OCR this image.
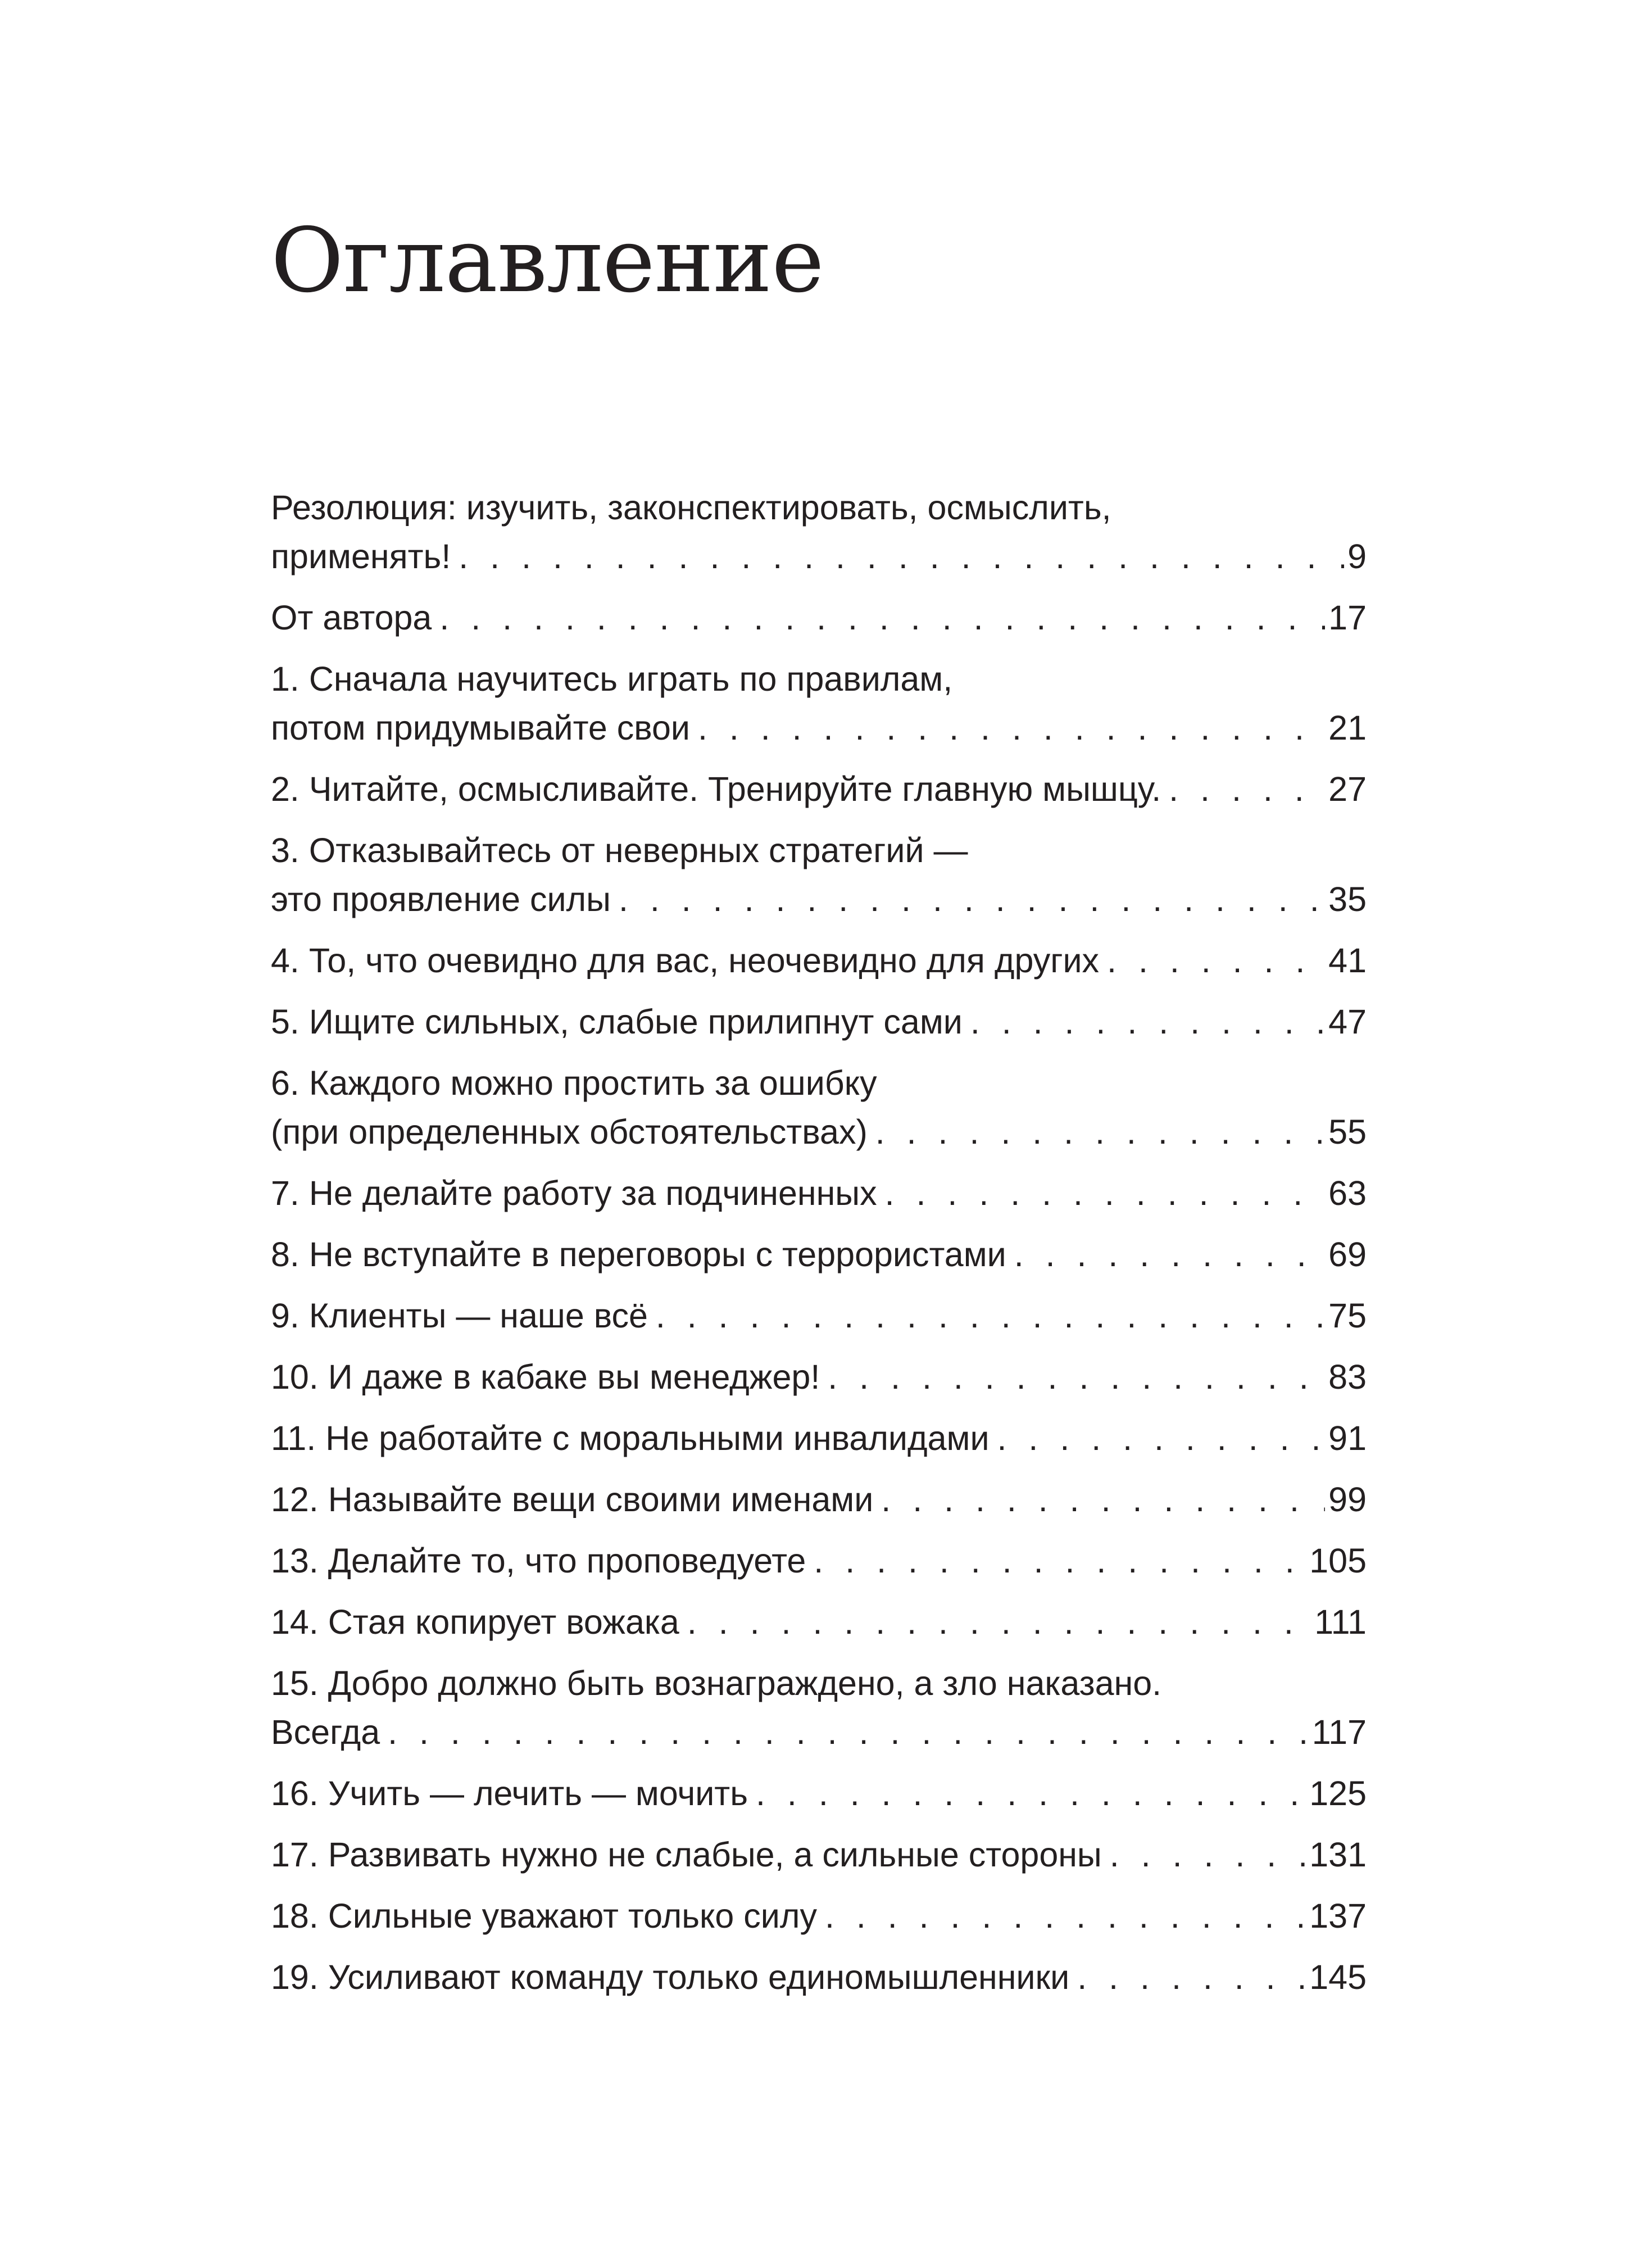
Оглавление
Резолюция: изучить, законспектировать, осмыслить,
применять! . . .	9
От автора . . .	17
1. Сначала научитесь играть по правилам,
потом придумывайте свои . . .	21
2. Читайте, осмысливайте. Тренируйте главную мышцу. . . .	27
3. Отказывайтесь от неверных стратегий —
это проявление силы . . .	35
4. То, что очевидно для вас, неочевидно для других . . .	41
5. Ищите сильных, слабые прилипнут сами . . .	47
6. Каждого можно простить за ошибку
(при определенных обстоятельствах) . . .	55
7. Не делайте работу за подчиненных . . .	63
8. Не вступайте в переговоры с террористами . . .	69
9. Клиенты — наше всё . . .	75
10. И даже в кабаке вы менеджер! . . .	83
11. Не работайте с моральными инвалидами . . .	91
12. Называйте вещи своими именами . . .	99
13. Делайте то, что проповедуете . . .	105
14. Стая копирует вожака . . .	111
15. Добро должно быть вознаграждено, а зло наказано.
Всегда . . .	117
16. Учить — лечить — мочить . . .	125
17. Развивать нужно не слабые, а сильные стороны . . .	131
18. Сильные уважают только силу . . .	137
19. Усиливают команду только единомышленники . . .	145
